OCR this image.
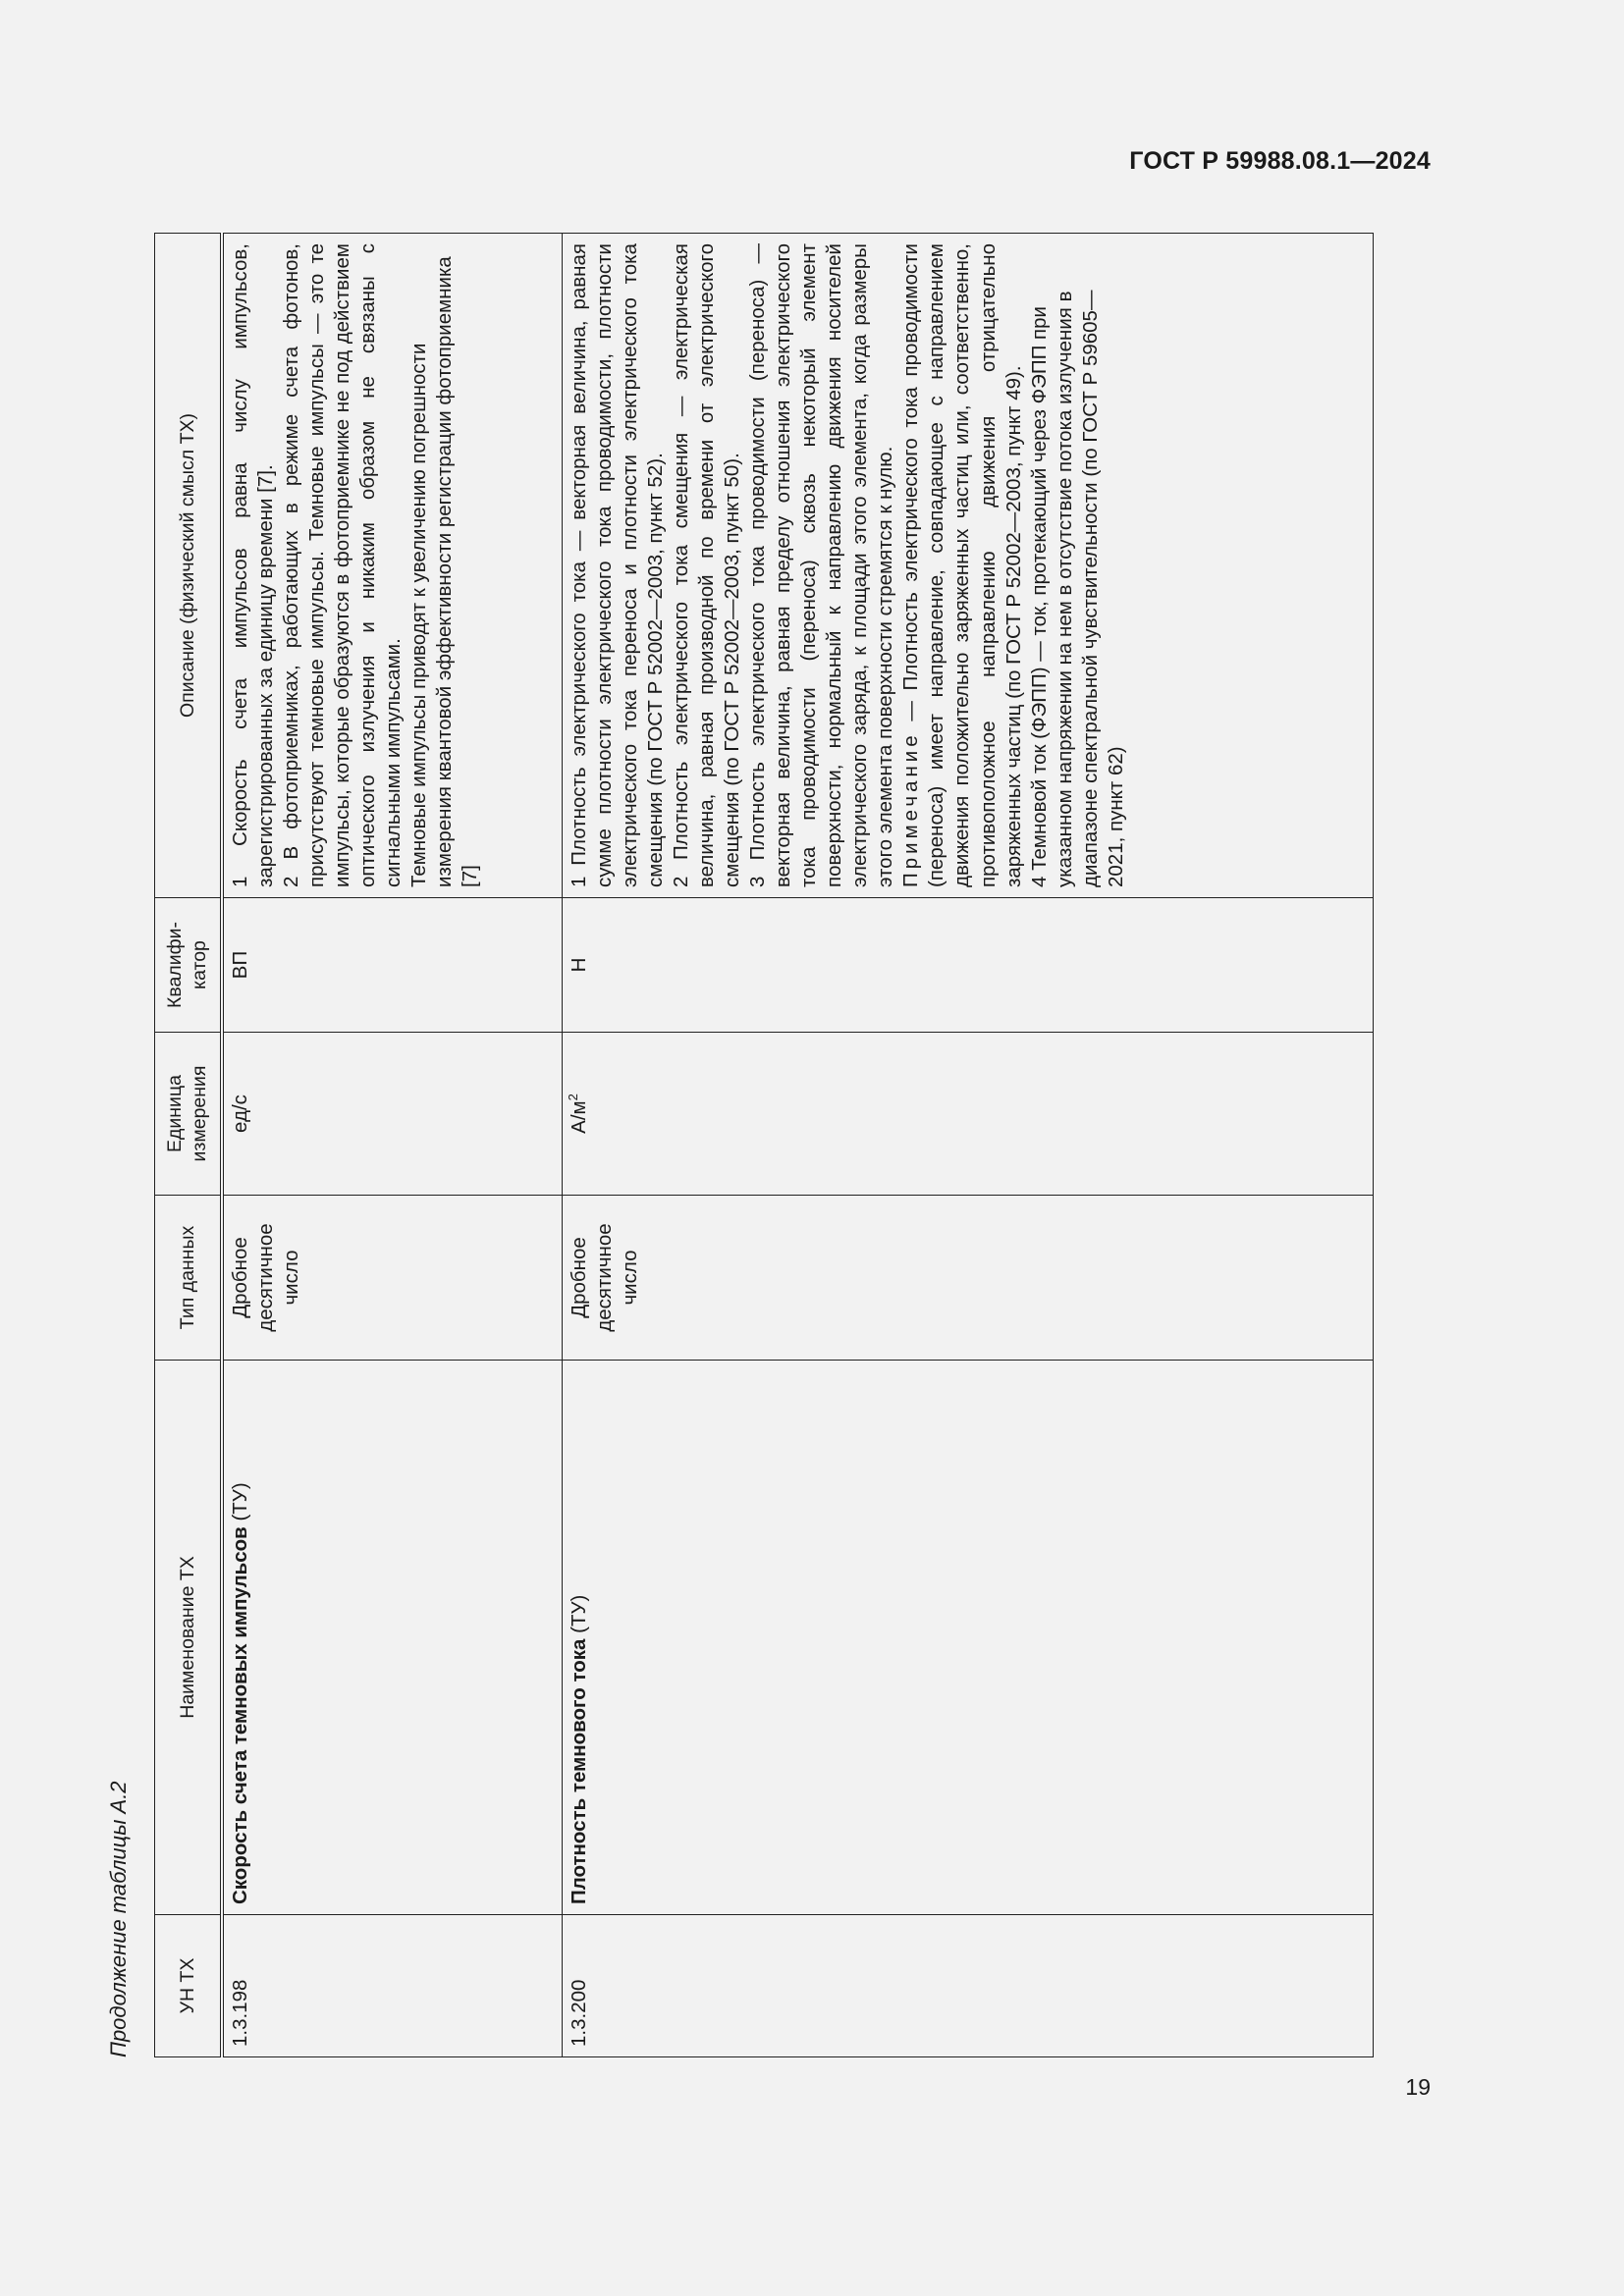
ГОСТ Р 59988.08.1—2024
Продолжение таблицы А.2 УН ТХ	Наименование ТХ	Тип данных	Единица измерения	Квалифи-катор	Описание (физический смысл ТХ)
1.3.198	Скорость счета темновых импульсов (ТУ)	Дробное десятичное число	ед/с	ВП	1 Скорость счета импульсов равна числу импульсов, зарегистрированных за единицу времени [7]. 2 В фотоприемниках, работающих в режиме счета фотонов, присутствуют темновые импульсы. Темновые импульсы — это те импульсы, которые образуются в фотоприемнике не под действием оптического излучения и никаким образом не связаны с сигнальными импульсами. Темновые импульсы приводят к увеличению погрешности измерения квантовой эффективности регистрации фотоприемника [7]

1.3.200	Плотность темнового тока (ТУ)	Дробное десятичное число	$А/м^2$	Н	1 Плотность электрического тока — векторная величина, равная сумме плотности электрического тока проводимости, плотности электрического тока переноса и плотности электрического тока смещения (по ГОСТ Р 52002—2003, пункт 52). 2 Плотность электрического тока смещения — электрическая величина, равная производной по времени от электрического смещения (по ГОСТ Р 52002—2003, пункт 50). 3 Плотность электрического тока проводимости (переноса) — векторная величина, равная пределу отношения электрического тока проводимости (переноса) сквозь некоторый элемент поверхности, нормальный к направлению движения носителей электрического заряда, к площади этого элемента, когда размеры этого элемента поверхности стремятся к нулю. Примечание — Плотность электрического тока проводимости (переноса) имеет направление, совпадающее с направлением движения положительно заряженных частиц или, соответственно, противоположное направлению движения отрицательно заряженных частиц (по ГОСТ Р 52002—2003, пункт 49). 4 Темновой ток (ФЭПП) — ток, протекающий через ФЭПП при указанном напряжении на нем в отсутствие потока излучения в диапазоне спектральной чувствительности (по ГОСТ Р 59605—2021, пункт 62)

19
